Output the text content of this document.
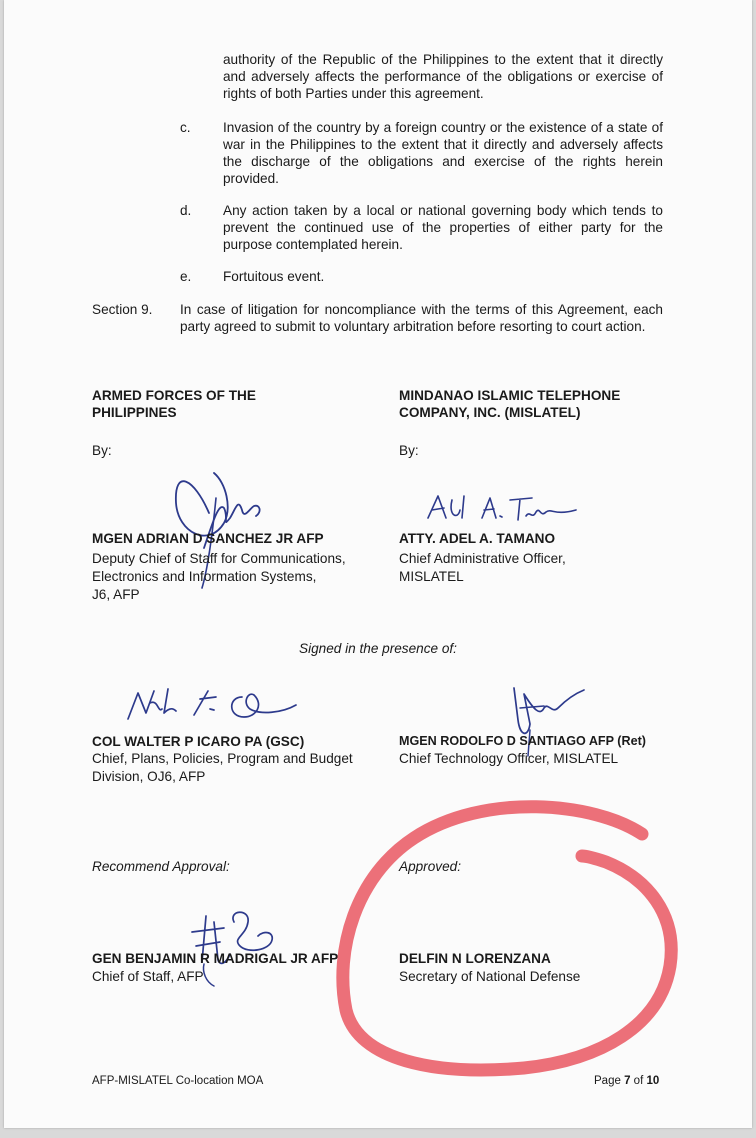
authority of the Republic of the Philippines to the extent that it directly and adversely affects the performance of the obligations or exercise of rights of both Parties under this agreement.
c. Invasion of the country by a foreign country or the existence of a state of war in the Philippines to the extent that it directly and adversely affects the discharge of the obligations and exercise of the rights herein provided.
d. Any action taken by a local or national governing body which tends to prevent the continued use of the properties of either party for the purpose contemplated herein.
e. Fortuitous event.
Section 9. In case of litigation for noncompliance with the terms of this Agreement, each party agreed to submit to voluntary arbitration before resorting to court action.
ARMED FORCES OF THE
PHILIPPINES
By:
MINDANAO ISLAMIC TELEPHONE
COMPANY, INC. (MISLATEL)
By:
MGEN ADRIAN D SANCHEZ JR AFP
Deputy Chief of Staff for Communications,
Electronics and Information Systems,
J6, AFP
ATTY. ADEL A. TAMANO
Chief Administrative Officer,
MISLATEL
Signed in the presence of:
COL WALTER P ICARO PA (GSC)
Chief, Plans, Policies, Program and Budget
Division, OJ6, AFP
MGEN RODOLFO D SANTIAGO AFP (Ret)
Chief Technology Officer, MISLATEL
Recommend Approval:	Approved:
GEN BENJAMIN R MADRIGAL JR AFP
Chief of Staff, AFP
DELFIN N LORENZANA
Secretary of National Defense
AFP-MISLATEL Co-location MOA	Page 7 of 10
